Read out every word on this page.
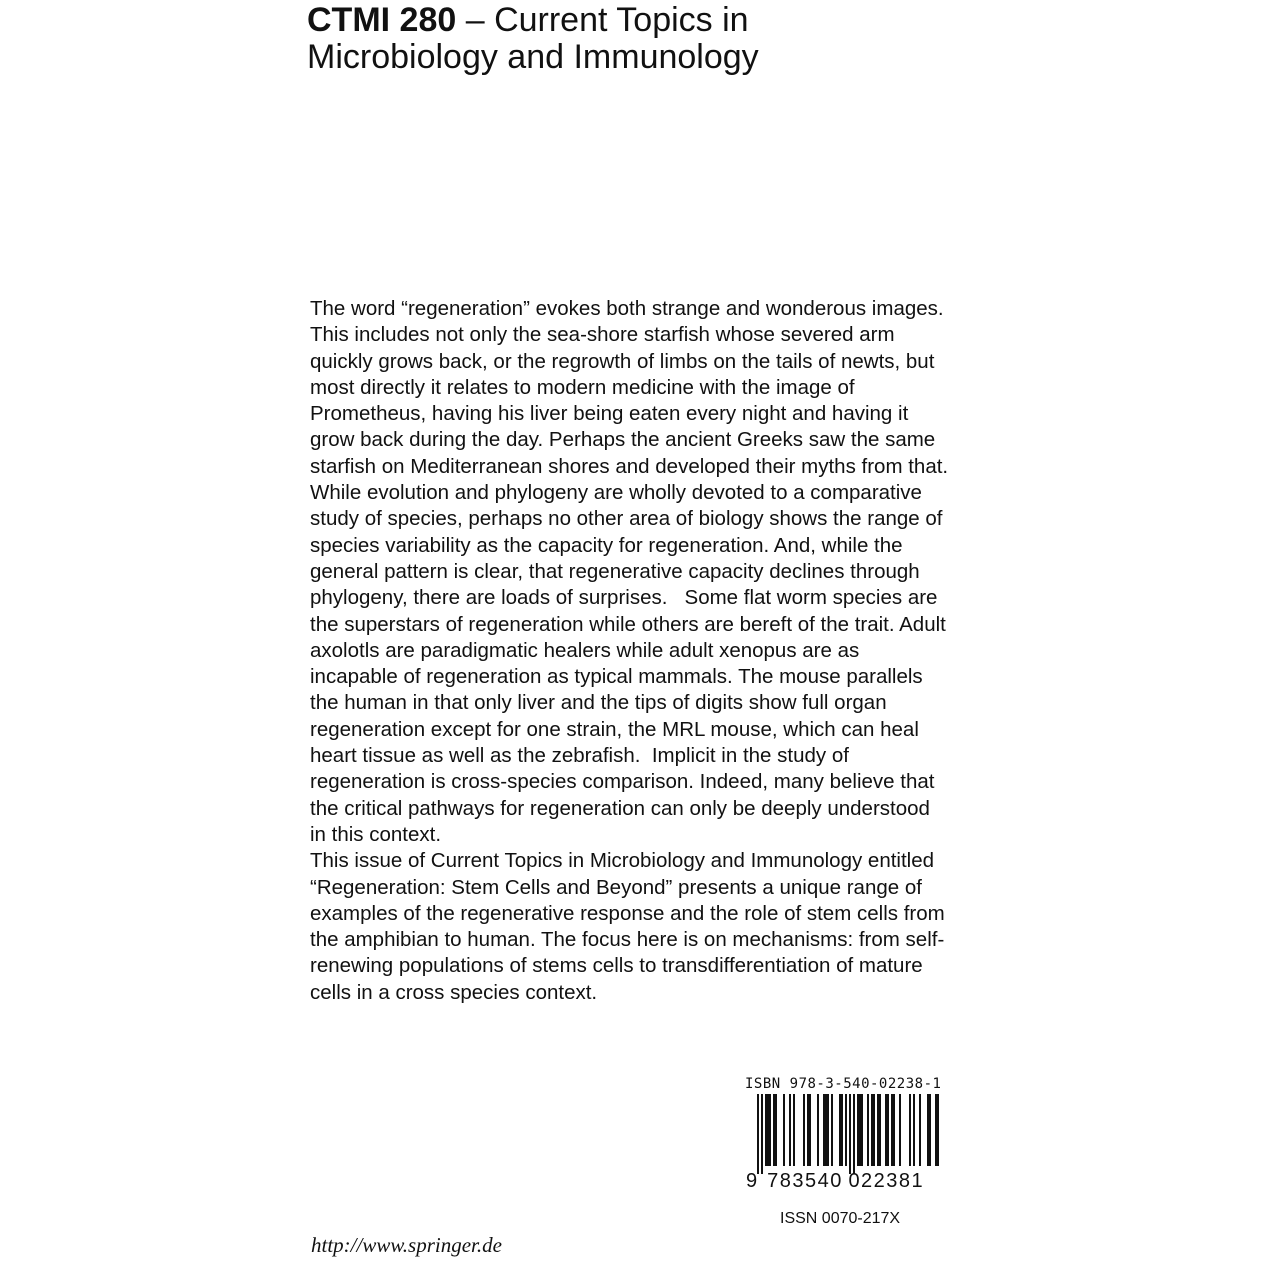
CTMI 280 – Current Topics in
Microbiology and Immunology

The word “regeneration” evokes both strange and wonderous images. This includes not only the sea-shore starfish whose severed arm quickly grows back, or the regrowth of limbs on the tails of newts, but most directly it relates to modern medicine with the image of Prometheus, having his liver being eaten every night and having it grow back during the day. Perhaps the ancient Greeks saw the same starfish on Mediterranean shores and developed their myths from that.

While evolution and phylogeny are wholly devoted to a comparative study of species, perhaps no other area of biology shows the range of species variability as the capacity for regeneration. And, while the general pattern is clear, that regenerative capacity declines through phylogeny, there are loads of surprises.   Some flat worm species are the superstars of regeneration while others are bereft of the trait. Adult axolotls are paradigmatic healers while adult xenopus are as incapable of regeneration as typical mammals. The mouse parallels the human in that only liver and the tips of digits show full organ regeneration except for one strain, the MRL mouse, which can heal heart tissue as well as the zebrafish.  Implicit in the study of regeneration is cross-species comparison. Indeed, many believe that the critical pathways for regeneration can only be deeply understood in this context.

This issue of Current Topics in Microbiology and Immunology entitled “Regeneration: Stem Cells and Beyond” presents a unique range of examples of the regenerative response and the role of stem cells from the amphibian to human. The focus here is on mechanisms: from self-renewing populations of stems cells to transdifferentiation of mature cells in a cross species context.

ISBN 978-3-540-02238-1
9 783540 022381
ISSN 0070-217X
http://www.springer.de
